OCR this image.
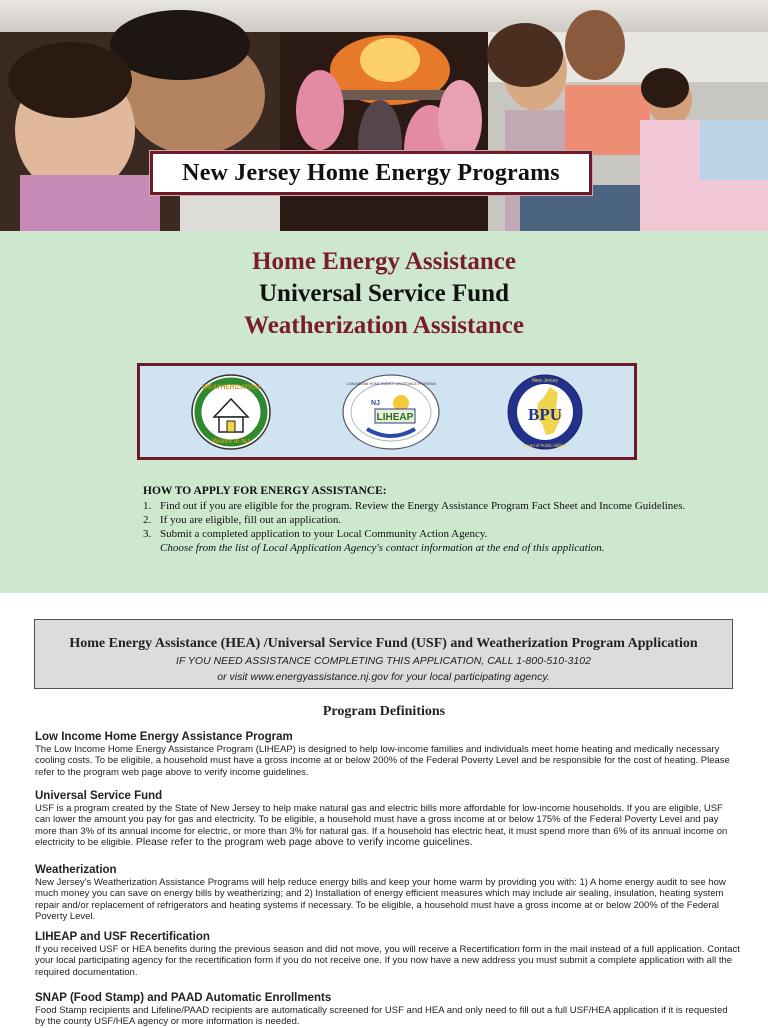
New Jersey Home Energy Programs
Home Energy Assistance
Universal Service Fund
Weatherization Assistance
WEATHERIZATION
Works In NJ
NJ
LIHEAP
LOW-INCOME HOME ENERGY ASSISTANCE PROGRAM
BPU
New Jersey
Board of Public Utilities
HOW TO APPLY FOR ENERGY ASSISTANCE:
1. Find out if you are eligible for the program. Review the Energy Assistance Program Fact Sheet and Income Guidelines.
2. If you are eligible, fill out an application.
3. Submit a completed application to your Local Community Action Agency.
Choose from the list of Local Application Agency's contact information at the end of this application.
Home Energy Assistance (HEA) /Universal Service Fund (USF) and Weatherization Program Application
IF YOU NEED ASSISTANCE COMPLETING THIS APPLICATION, CALL 1-800-510-3102
or visit www.energyassistance.nj.gov for your local participating agency.
Program Definitions
Low Income Home Energy Assistance Program
The Low Income Home Energy Assistance Program (LIHEAP) is designed to help low-income families and individuals meet home heating and medically necessary cooling costs. To be eligible, a household must have a gross income at or below 200% of the Federal Poverty Level and be responsible for the cost of heating. Please refer to the program web page above to verify income guidelines.
Universal Service Fund
USF is a program created by the State of New Jersey to help make natural gas and electric bills more affordable for low-income households. If you are eligible, USF can lower the amount you pay for gas and electricity. To be eligible, a household must have a gross income at or below 175% of the Federal Poverty Level and pay more than 3% of its annual income for electric, or more than 3% for natural gas. If a household has electric heat, it must spend more than 6% of its annual income on electricity to be eligible. Please refer to the program web page above to verify income guicelines.
Weatherization
New Jersey's Weatherization Assistance Programs will help reduce energy bills and keep your home warm by providing you with: 1) A home energy audit to see how much money you can save on energy bills by weatherizing; and 2) Installation of energy efficient measures which may include air sealing, insulation, heating system repair and/or replacement of refrigerators and heating systems if necessary. To be eligible, a household must have a gross income at or below 200% of the Federal Poverty Level.
LIHEAP and USF Recertification
If you received USF or HEA benefits during the previous season and did not move, you will receive a Recertification form in the mail instead of a full application. Contact your local participating agency for the recertification form if you do not receive one. If you now have a new address you must submit a complete application with all the required documentation.
SNAP (Food Stamp) and PAAD Automatic Enrollments
Food Stamp recipients and Lifeline/PAAD recipients are automatically screened for USF and HEA and only need to fill out a full USF/HEA application if it is requested by the county USF/HEA agency or more information is needed.
